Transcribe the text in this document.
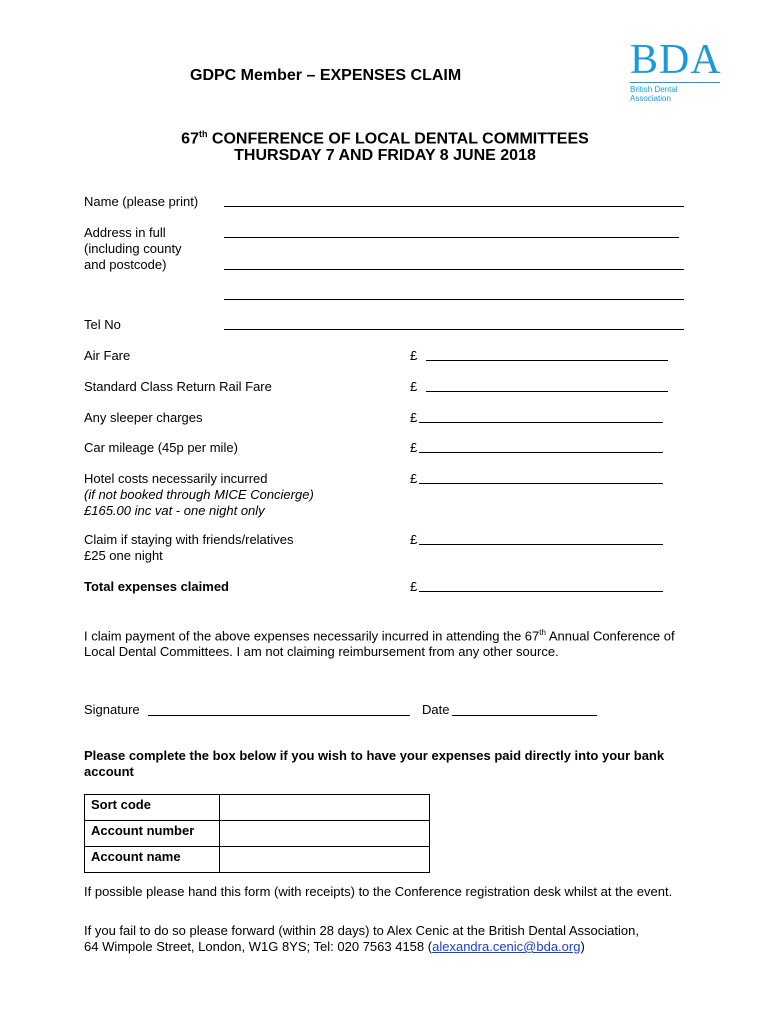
BDA
British Dental Association
GDPC Member – EXPENSES CLAIM
67th CONFERENCE OF LOCAL DENTAL COMMITTEES
THURSDAY 7 AND FRIDAY 8 JUNE 2018
Name (please print)
Address in full
(including county
and postcode)
Tel No
Air Fare	£
Standard Class Return Rail Fare	£
Any sleeper charges	£
Car mileage (45p per mile)	£
Hotel costs necessarily incurred
(if not booked through MICE Concierge)
£165.00 inc vat - one night only
£
Claim if staying with friends/relatives
£25 one night
£
Total expenses claimed	£
I claim payment of the above expenses necessarily incurred in attending the 67th Annual Conference of Local Dental Committees. I am not claiming reimbursement from any other source.
Signature	Date
Please complete the box below if you wish to have your expenses paid directly into your bank account
Sort code	
Account number	
Account name	
If possible please hand this form (with receipts) to the Conference registration desk whilst at the event.
If you fail to do so please forward (within 28 days) to Alex Cenic at the British Dental Association, 64 Wimpole Street, London, W1G 8YS; Tel: 020 7563 4158 (alexandra.cenic@bda.org)
